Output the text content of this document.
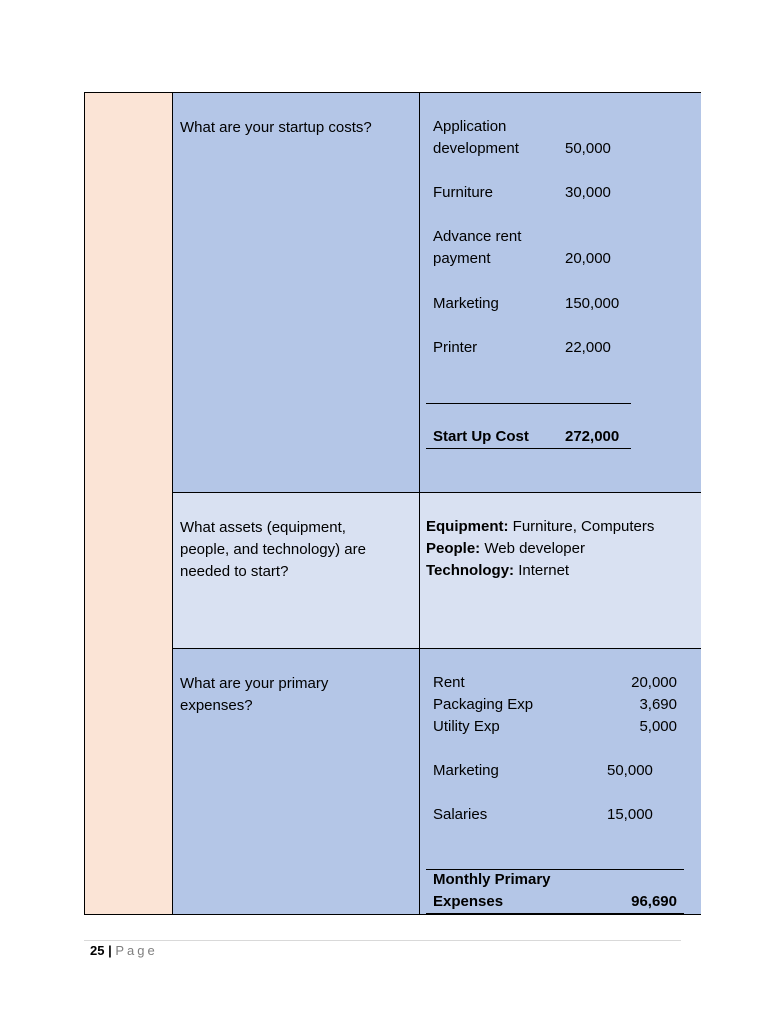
What are your startup costs?	Application
development	50,000
Furniture	30,000
Advance rent
payment	20,000
Marketing	150,000
Printer	22,000
Start Up Cost 272,000
What assets (equipment, people, and technology) are needed to start?
Equipment: Furniture, Computers
People: Web developer
Technology: Internet
What are your primary expenses?
Rent	20,000
Packaging Exp	3,690
Utility Exp	5,000
Marketing	50,000
Salaries	15,000
Monthly Primary
Expenses	96,690
25 | Page
